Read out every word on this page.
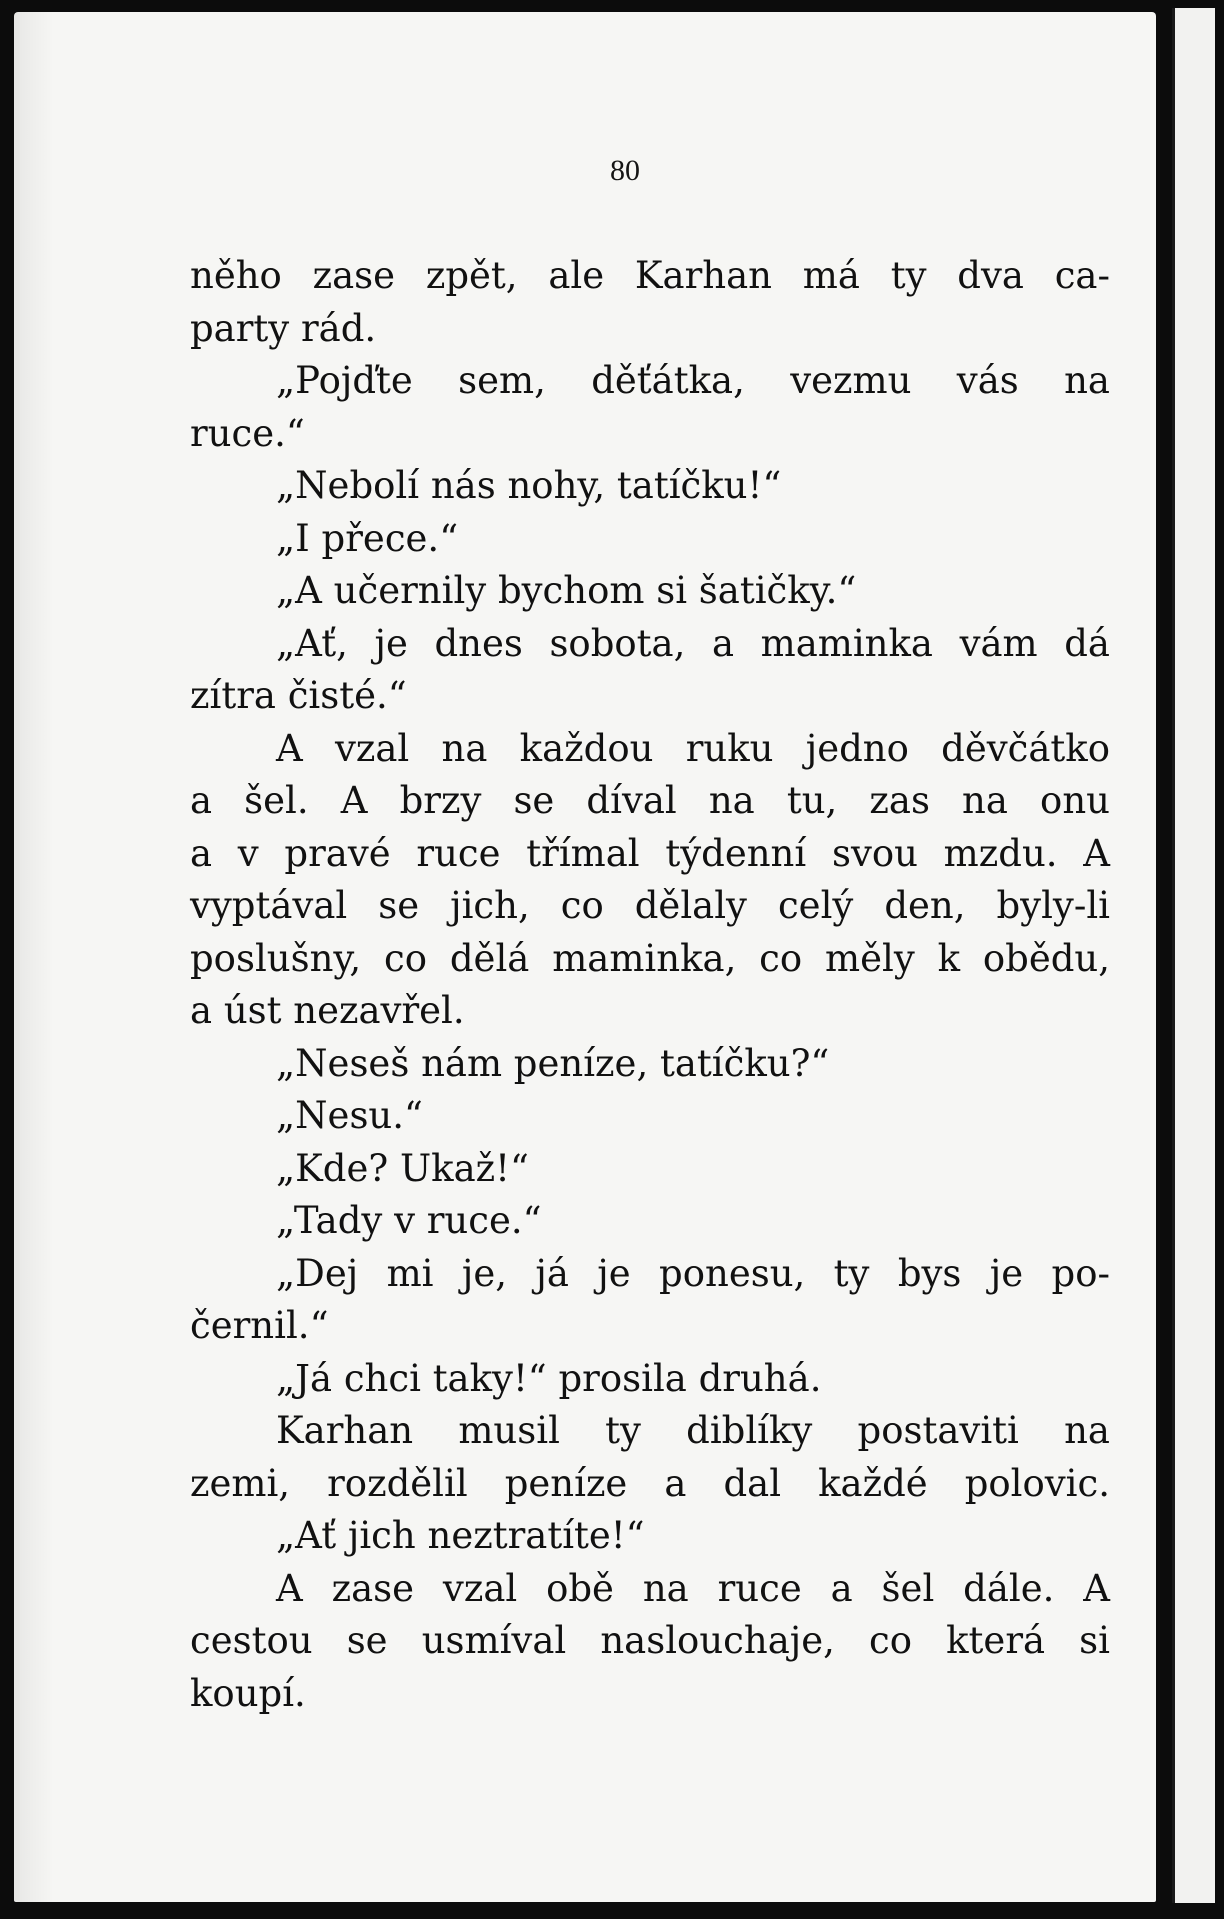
80
něho zase zpět, ale Karhan má ty dva ca-
party rád.
„Pojďte sem, děťátka, vezmu vás na
ruce.“
„Nebolí nás nohy, tatíčku!“
„I přece.“
„A učernily bychom si šatičky.“
„Ať, je dnes sobota, a maminka vám dá
zítra čisté.“
A vzal na každou ruku jedno děvčátko
a šel. A brzy se díval na tu, zas na onu
a v pravé ruce třímal týdenní svou mzdu. A
vyptával se jich, co dělaly celý den, byly-li
poslušny, co dělá maminka, co měly k obědu,
a úst nezavřel.
„Neseš nám peníze, tatíčku?“
„Nesu.“
„Kde? Ukaž!“
„Tady v ruce.“
„Dej mi je, já je ponesu, ty bys je po-
černil.“
„Já chci taky!“ prosila druhá.
Karhan musil ty diblíky postaviti na
zemi, rozdělil peníze a dal každé polovic.
„Ať jich neztratíte!“
A zase vzal obě na ruce a šel dále. A
cestou se usmíval naslouchaje, co která si
koupí.
